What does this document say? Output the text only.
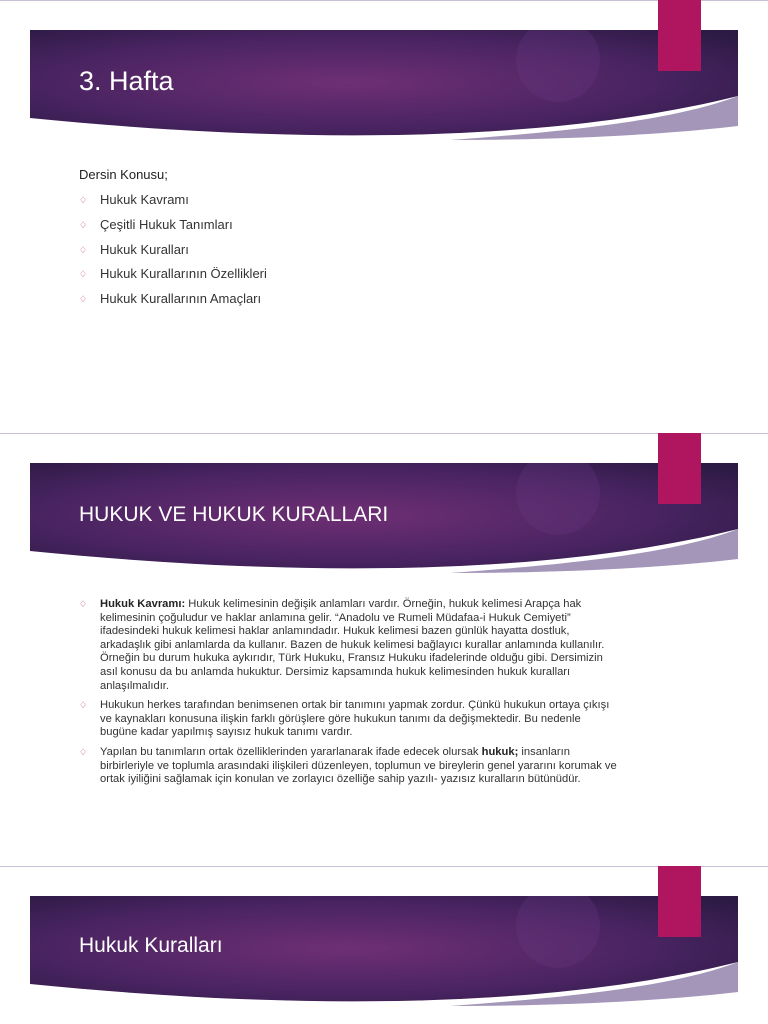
3. Hafta
Dersin Konusu;
♢ Hukuk Kavramı
♢ Çeşitli Hukuk Tanımları
♢ Hukuk Kuralları
♢ Hukuk Kurallarının Özellikleri
♢ Hukuk Kurallarının Amaçları
HUKUK VE HUKUK KURALLARI
♢ Hukuk Kavramı: Hukuk kelimesinin değişik anlamları vardır. Örneğin, hukuk kelimesi Arapça hak kelimesinin çoğuludur ve haklar anlamına gelir. “Anadolu ve Rumeli Müdafaa-i Hukuk Cemiyeti” ifadesindeki hukuk kelimesi haklar anlamındadır. Hukuk kelimesi bazen günlük hayatta dostluk, arkadaşlık gibi anlamlarda da kullanır. Bazen de hukuk kelimesi bağlayıcı kurallar anlamında kullanılır. Örneğin bu durum hukuka aykırıdır, Türk Hukuku, Fransız Hukuku ifadelerinde olduğu gibi. Dersimizin asıl konusu da bu anlamda hukuktur. Dersimiz kapsamında hukuk kelimesinden hukuk kuralları anlaşılmalıdır.
♢ Hukukun herkes tarafından benimsenen ortak bir tanımını yapmak zordur. Çünkü hukukun ortaya çıkışı ve kaynakları konusuna ilişkin farklı görüşlere göre hukukun tanımı da değişmektedir. Bu nedenle bugüne kadar yapılmış sayısız hukuk tanımı vardır.
♢ Yapılan bu tanımların ortak özelliklerinden yararlanarak ifade edecek olursak hukuk; insanların birbirleriyle ve toplumla arasındaki ilişkileri düzenleyen, toplumun ve bireylerin genel yararını korumak ve ortak iyiliğini sağlamak için konulan ve zorlayıcı özelliğe sahip yazılı- yazısız kuralların bütünüdür.
Hukuk Kuralları
